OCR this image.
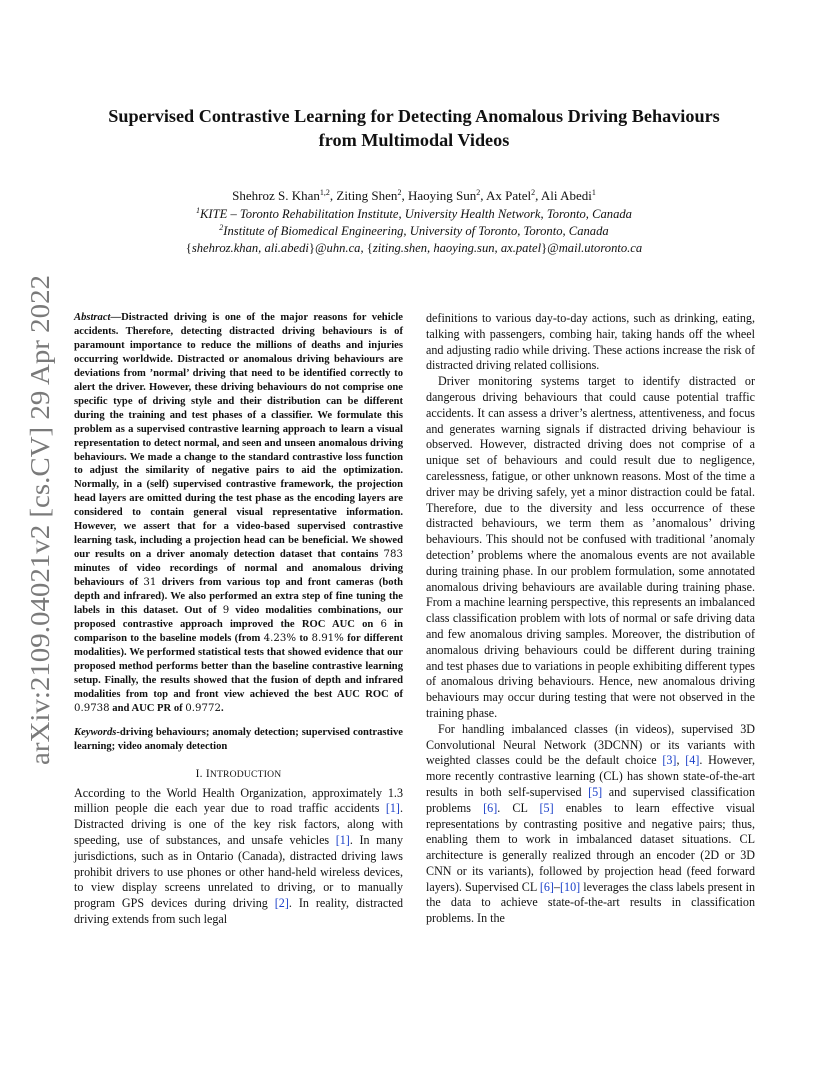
arXiv:2109.04021v2 [cs.CV] 29 Apr 2022
Supervised Contrastive Learning for Detecting Anomalous Driving Behaviours
from Multimodal Videos
Shehroz S. Khan$^{1,2}$, Ziting Shen$^2$, Haoying Sun$^2$, Ax Patel$^2$, Ali Abedi$^1$
$^1$KITE – Toronto Rehabilitation Institute, University Health Network, Toronto, Canada
$^2$Institute of Biomedical Engineering, University of Toronto, Toronto, Canada
{shehroz.khan, ali.abedi}@uhn.ca, {ziting.shen, haoying.sun, ax.patel}@mail.utoronto.ca

Abstract—Distracted driving is one of the major reasons for vehicle accidents. Therefore, detecting distracted driving behaviours is of paramount importance to reduce the millions of deaths and injuries occurring worldwide. Distracted or anomalous driving behaviours are deviations from ’normal’ driving that need to be identified correctly to alert the driver. However, these driving behaviours do not comprise one specific type of driving style and their distribution can be different during the training and test phases of a classifier. We formulate this problem as a supervised contrastive learning approach to learn a visual representation to detect normal, and seen and unseen anomalous driving behaviours. We made a change to the standard contrastive loss function to adjust the similarity of negative pairs to aid the optimization. Normally, in a (self) supervised contrastive framework, the projection head layers are omitted during the test phase as the encoding layers are considered to contain general visual representative information. However, we assert that for a video-based supervised contrastive learning task, including a projection head can be beneficial. We showed our results on a driver anomaly detection dataset that contains 783 minutes of video recordings of normal and anomalous driving behaviours of 31 drivers from various top and front cameras (both depth and infrared). We also performed an extra step of fine tuning the labels in this dataset. Out of 9 video modalities combinations, our proposed contrastive approach improved the ROC AUC on 6 in comparison to the baseline models (from 4.23% to 8.91% for different modalities). We performed statistical tests that showed evidence that our proposed method performs better than the baseline contrastive learning setup. Finally, the results showed that the fusion of depth and infrared modalities from top and front view achieved the best AUC ROC of 0.9738 and AUC PR of 0.9772.

Keywords-driving behaviours; anomaly detection; supervised contrastive learning; video anomaly detection

I. INTRODUCTION

According to the World Health Organization, approximately 1.3 million people die each year due to road traffic accidents [1]. Distracted driving is one of the key risk factors, along with speeding, use of substances, and unsafe vehicles [1]. In many jurisdictions, such as in Ontario (Canada), distracted driving laws prohibit drivers to use phones or other hand-held wireless devices, to view display screens unrelated to driving, or to manually program GPS devices during driving [2]. In reality, distracted driving extends from such legal

definitions to various day-to-day actions, such as drinking, eating, talking with passengers, combing hair, taking hands off the wheel and adjusting radio while driving. These actions increase the risk of distracted driving related collisions.

Driver monitoring systems target to identify distracted or dangerous driving behaviours that could cause potential traffic accidents. It can assess a driver’s alertness, attentiveness, and focus and generates warning signals if distracted driving behaviour is observed. However, distracted driving does not comprise of a unique set of behaviours and could result due to negligence, carelessness, fatigue, or other unknown reasons. Most of the time a driver may be driving safely, yet a minor distraction could be fatal. Therefore, due to the diversity and less occurrence of these distracted behaviours, we term them as ’anomalous’ driving behaviours. This should not be confused with traditional ’anomaly detection’ problems where the anomalous events are not available during training phase. In our problem formulation, some annotated anomalous driving behaviours are available during training phase. From a machine learning perspective, this represents an imbalanced class classification problem with lots of normal or safe driving data and few anomalous driving samples. Moreover, the distribution of anomalous driving behaviours could be different during training and test phases due to variations in people exhibiting different types of anomalous driving behaviours. Hence, new anomalous driving behaviours may occur during testing that were not observed in the training phase.

For handling imbalanced classes (in videos), supervised 3D Convolutional Neural Network (3DCNN) or its variants with weighted classes could be the default choice [3], [4]. However, more recently contrastive learning (CL) has shown state-of-the-art results in both self-supervised [5] and supervised classification problems [6]. CL [5] enables to learn effective visual representations by contrasting positive and negative pairs; thus, enabling them to work in imbalanced dataset situations. CL architecture is generally realized through an encoder (2D or 3D CNN or its variants), followed by projection head (feed forward layers). Supervised CL [6]–[10] leverages the class labels present in the data to achieve state-of-the-art results in classification problems. In the
